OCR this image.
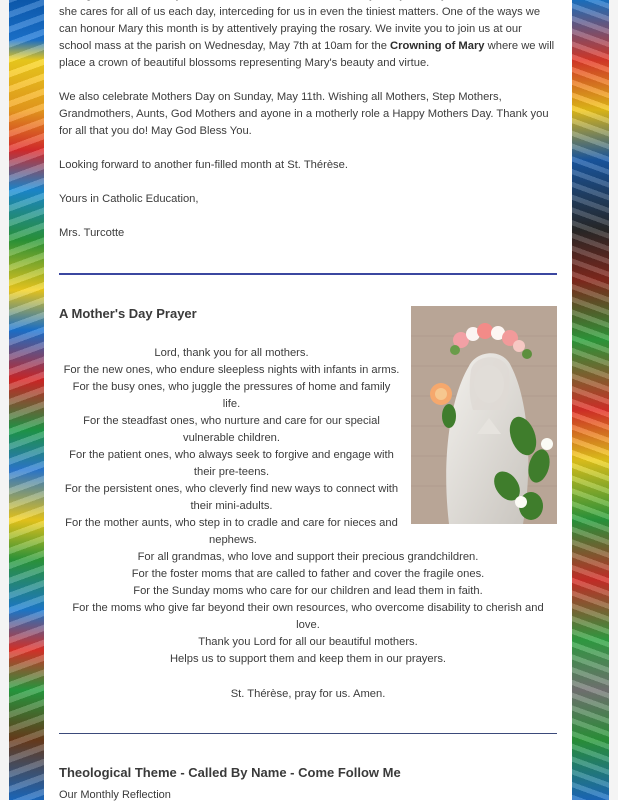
she cares for all of us each day, interceding for us in even the tiniest matters. One of the ways we

can honour Mary this month is by attentively praying the rosary. We invite you to join us at our

school mass at the parish on Wednesday, May 7th at 10am for the Crowning of Mary where we will

place a crown of beautiful blossoms representing Mary's beauty and virtue.

We also celebrate Mothers Day on Sunday, May 11th. Wishing all Mothers, Step Mothers,

Grandmothers, Aunts, God Mothers and ayone in a motherly role a Happy Mothers Day. Thank you

for all that you do! May God Bless You.

Looking forward to another fun-filled month at St. Thérèse.

Yours in Catholic Education,

Mrs. Turcotte

A Mother's Day Prayer

Lord, thank you for all mothers.

For the new ones, who endure sleepless nights with infants in arms.

For the busy ones, who juggle the pressures of home and family

life.

For the steadfast ones, who nurture and care for our special

vulnerable children.

For the patient ones, who always seek to forgive and engage with

their pre-teens.

For the persistent ones, who cleverly find new ways to connect with

their mini-adults.

For the mother aunts, who step in to cradle and care for nieces and

nephews.

For all grandmas, who love and support their precious grandchildren.

For the foster moms that are called to father and cover the fragile ones.

For the Sunday moms who care for our children and lead them in faith.

For the moms who give far beyond their own resources, who overcome disability to cherish and

love.

Thank you Lord for all our beautiful mothers.

Helps us to support them and keep them in our prayers.

St. Thérèse, pray for us. Amen.

Theological Theme - Called By Name - Come Follow Me
Our Monthly Reflection
